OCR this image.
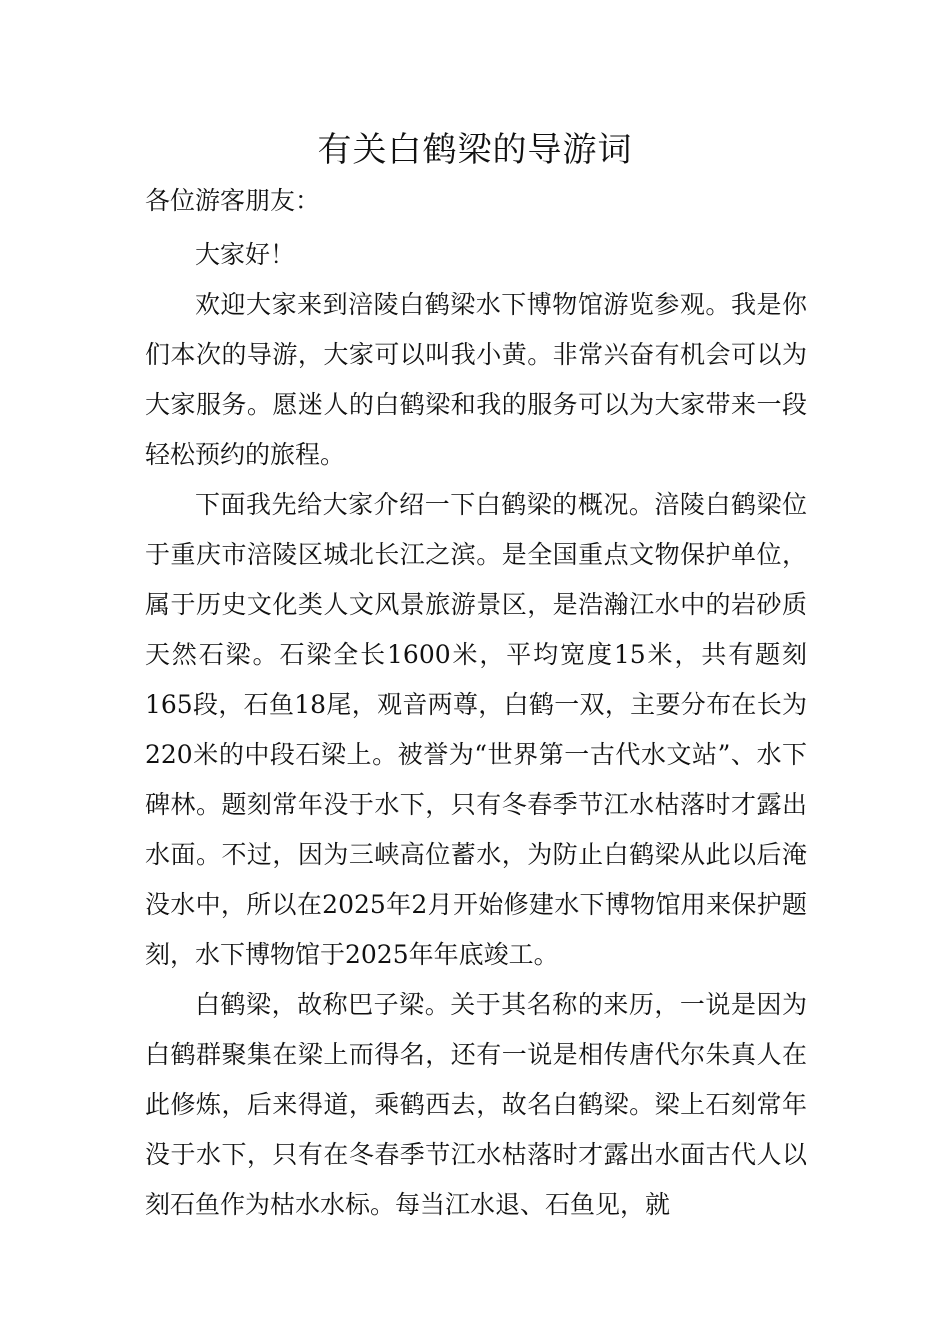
有关白鹤梁的导游词

各位游客朋友：

大家好！

欢迎大家来到涪陵白鹤梁水下博物馆游览参观。我是你们本次的导游，大家可以叫我小黄。非常兴奋有机会可以为大家服务。愿迷人的白鹤梁和我的服务可以为大家带来一段轻松预约的旅程。

下面我先给大家介绍一下白鹤梁的概况。涪陵白鹤梁位于重庆市涪陵区城北长江之滨。是全国重点文物保护单位，属于历史文化类人文风景旅游景区，是浩瀚江水中的岩砂质天然石梁。石梁全长1600米，平均宽度15米，共有题刻165段，石鱼18尾，观音两尊，白鹤一双，主要分布在长为220米的中段石梁上。被誉为“世界第一古代水文站”、水下碑林。题刻常年没于水下，只有冬春季节江水枯落时才露出水面。不过，因为三峡高位蓄水，为防止白鹤梁从此以后淹没水中，所以在2025年2月开始修建水下博物馆用来保护题刻，水下博物馆于2025年年底竣工。

白鹤梁，故称巴子梁。关于其名称的来历，一说是因为白鹤群聚集在梁上而得名，还有一说是相传唐代尔朱真人在此修炼，后来得道，乘鹤西去，故名白鹤梁。梁上石刻常年没于水下，只有在冬春季节江水枯落时才露出水面古代人以刻石鱼作为枯水水标。每当江水退、石鱼见，就
